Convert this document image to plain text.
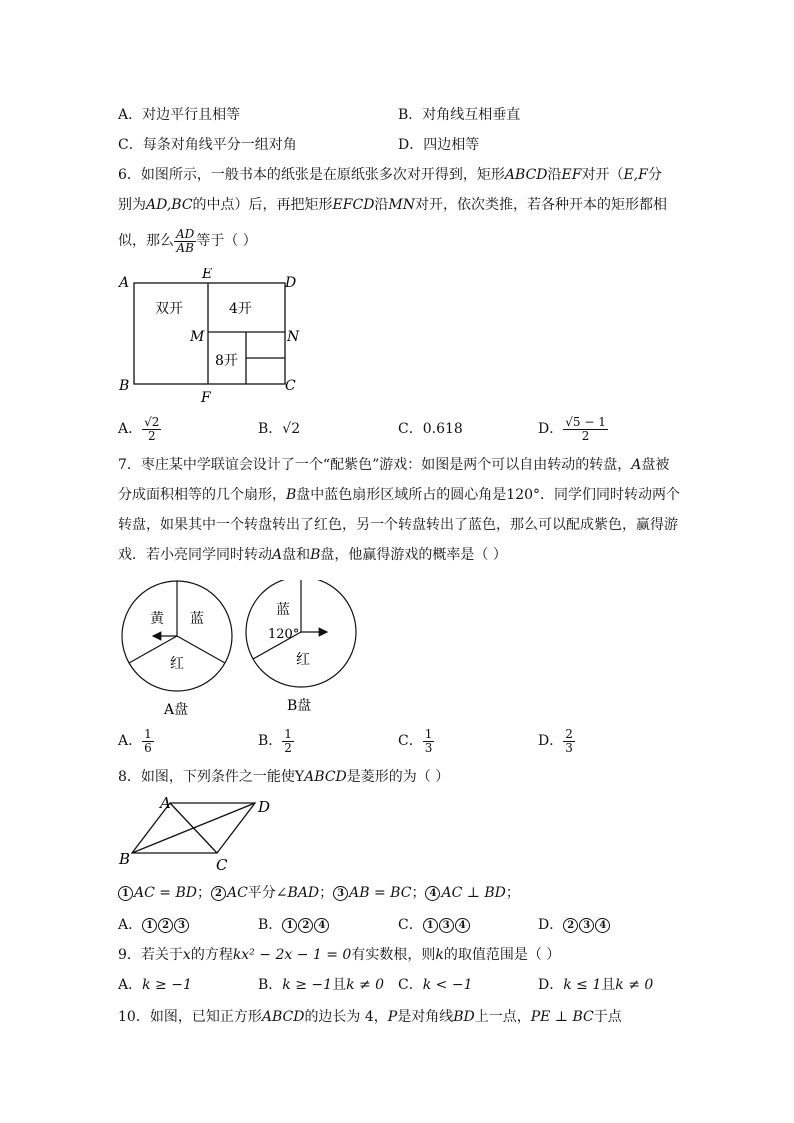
A．对边平行且相等	B．对角线互相垂直
C．每条对角线平分一组对角	D．四边相等
6．如图所示，一般书本的纸张是在原纸张多次对开得到，矩形ABCD沿EF对开（E,F分
别为AD,BC的中点）后，再把矩形EFCD沿MN对开，依次类推，若各种开本的矩形都相
似，那么 $\frac{AD}{AB}$ 等于（ ）
A
B	C
D
E
F
M	N
双开	4开
8开
A． $\frac{√2}{2}$	B．√2	C．0.618	D． $\frac{√5 - 1}{2}$
7．枣庄某中学联谊会设计了一个“配紫色”游戏：如图是两个可以自由转动的转盘，A盘被
分成面积相等的几个扇形，B盘中蓝色扇形区域所占的圆心角是120°．同学们同时转动两个
转盘，如果其中一个转盘转出了红色，另一个转盘转出了蓝色，那么可以配成紫色，赢得游
戏．若小亮同学同时转动A盘和B盘，他赢得游戏的概率是（ ）
黄 蓝
红
A盘
蓝
120°
红
B盘
A． $\frac{1}{6}$	B． $\frac{1}{2}$	C． $\frac{1}{3}$	D． $\frac{2}{3}$
8．如图，下列条件之一能使YABCD是菱形的为（ ）
A
B	C
D
1 AC = BD； 2 AC平分∠BAD； 3 AB = BC； 4 AC ⊥ BD；
A． 1 2 3	B． 1 2 4	C． 1 3 4	D． 2 3 4
9．若关于x的方程kx² − 2x − 1 = 0有实数根，则k的取值范围是（ ）
A．k ≥ −1	B．k ≥ −1且k ≠ 0 C．k < −1	D．k ≤ 1且k ≠ 0
10．如图，已知正方形ABCD的边长为 4，P是对角线BD上一点，PE ⊥ BC于点
